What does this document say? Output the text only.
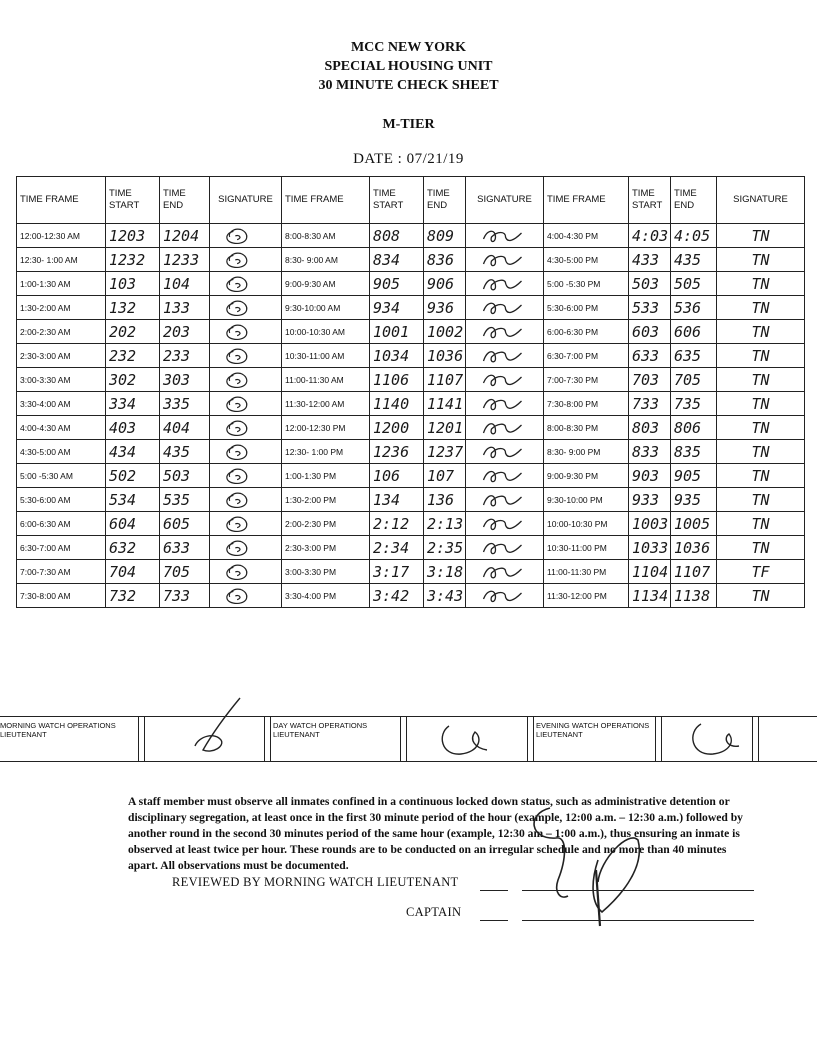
MCC NEW YORK
SPECIAL HOUSING UNIT
30 MINUTE CHECK SHEET
M-TIER
DATE : 07/21/19
TIME FRAME	TIME START	TIME END	SIGNATURE	TIME FRAME	TIME START	TIME END	SIGNATURE	TIME FRAME	TIME START	TIME END	SIGNATURE
12:00-12:30 AM	1203	1204		8:00-8:30 AM	808	809		4:00-4:30 PM	4:03	4:05	TN
12:30- 1:00 AM	1232	1233		8:30- 9:00 AM	834	836		4:30-5:00 PM	433	435	TN
1:00-1:30 AM	103	104		9:00-9:30 AM	905	906		5:00 -5:30 PM	503	505	TN
1:30-2:00 AM	132	133		9:30-10:00 AM	934	936		5:30-6:00 PM	533	536	TN
2:00-2:30 AM	202	203		10:00-10:30 AM	1001	1002		6:00-6:30 PM	603	606	TN
2:30-3:00 AM	232	233		10:30-11:00 AM	1034	1036		6:30-7:00 PM	633	635	TN
3:00-3:30 AM	302	303		11:00-11:30 AM	1106	1107		7:00-7:30 PM	703	705	TN
3:30-4:00 AM	334	335		11:30-12:00 AM	1140	1141		7:30-8:00 PM	733	735	TN
4:00-4:30 AM	403	404		12:00-12:30 PM	1200	1201		8:00-8:30 PM	803	806	TN
4:30-5:00 AM	434	435		12:30- 1:00 PM	1236	1237		8:30- 9:00 PM	833	835	TN
5:00 -5:30 AM	502	503		1:00-1:30 PM	106	107		9:00-9:30 PM	903	905	TN
5:30-6:00 AM	534	535		1:30-2:00 PM	134	136		9:30-10:00 PM	933	935	TN
6:00-6:30 AM	604	605		2:00-2:30 PM	2:12	2:13		10:00-10:30 PM	1003	1005	TN
6:30-7:00 AM	632	633		2:30-3:00 PM	2:34	2:35		10:30-11:00 PM	1033	1036	TN
7:00-7:30 AM	704	705		3:00-3:30 PM	3:17	3:18		11:00-11:30 PM	1104	1107	TF
7:30-8:00 AM	732	733		3:30-4:00 PM	3:42	3:43		11:30-12:00 PM	1134	1138	TN
MORNING WATCH OPERATIONS LIEUTENANT
DAY WATCH OPERATIONS LIEUTENANT
EVENING WATCH OPERATIONS LIEUTENANT

A staff member must observe all inmates confined in a continuous locked down status, such as administrative detention or disciplinary segregation, at least once in the first 30 minute period of the hour (example, 12:00 a.m. – 12:30 a.m.) followed by another round in the second 30 minutes period of the same hour (example, 12:30 am – 1:00 a.m.), thus ensuring an inmate is observed at least twice per hour. These rounds are to be conducted on an irregular schedule and no more than 40 minutes apart. All observations must be documented.

REVIEWED BY MORNING WATCH LIEUTENANT
CAPTAIN
